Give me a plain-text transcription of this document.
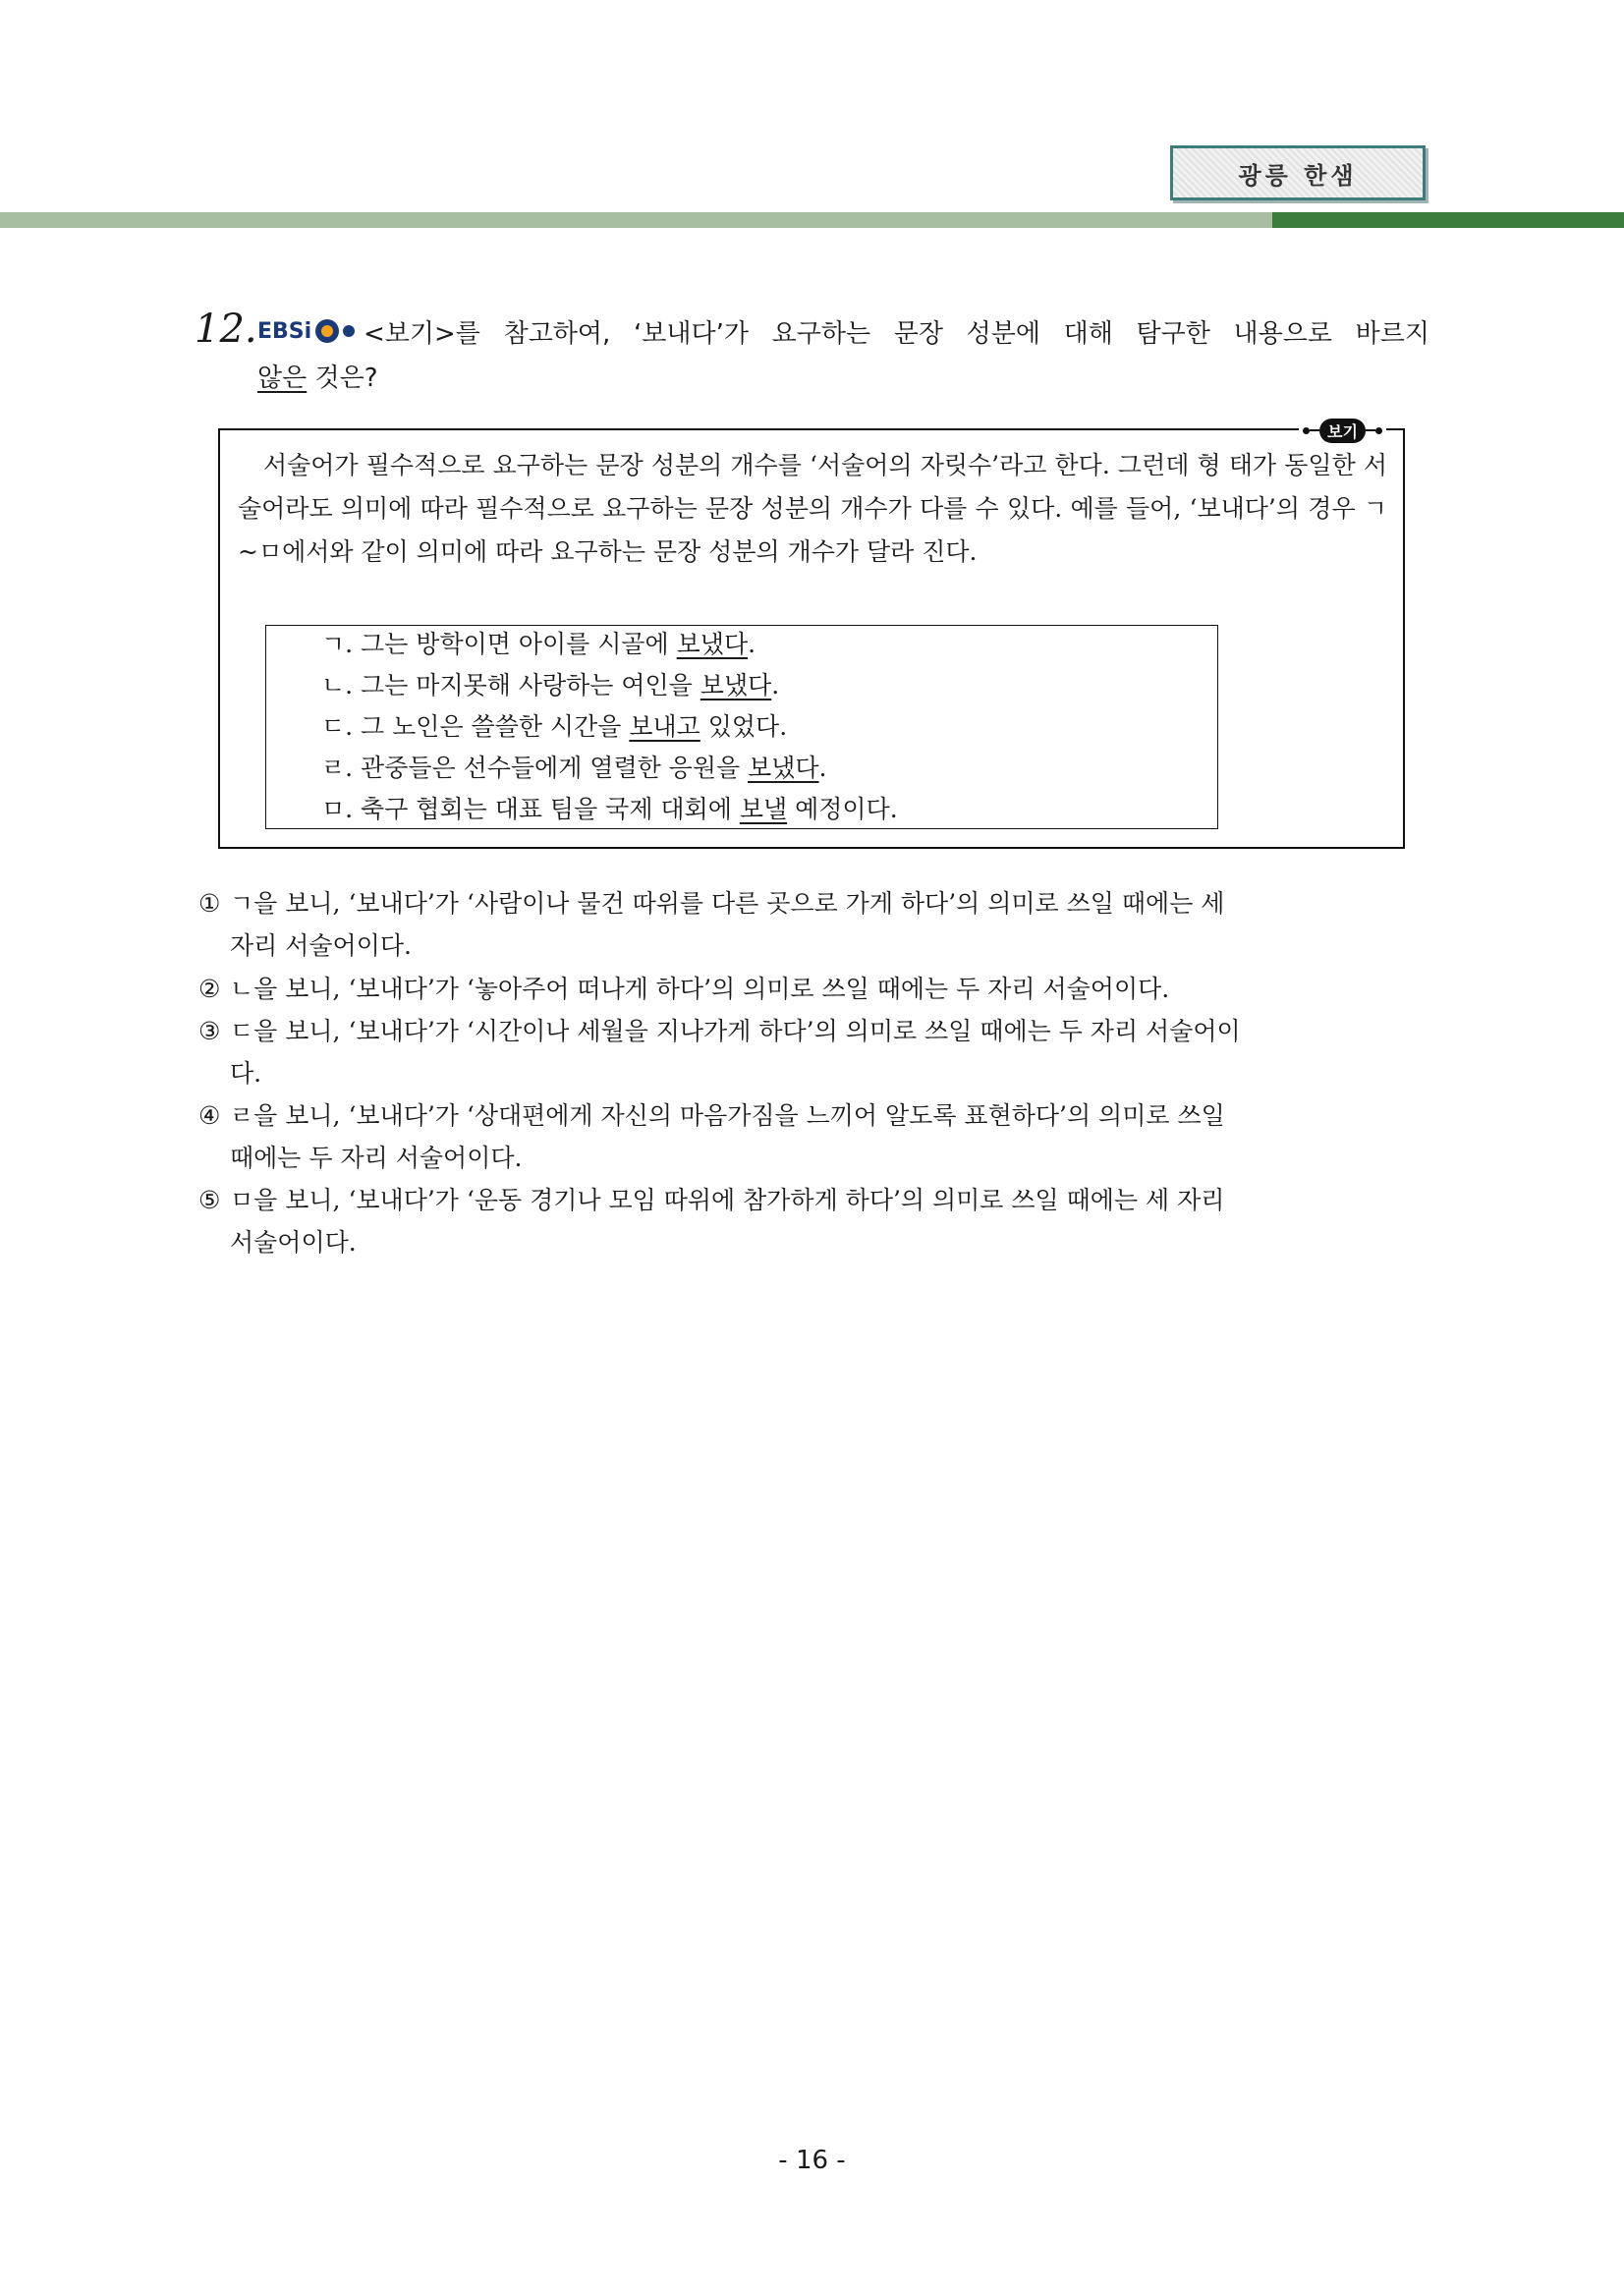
광릉 한샘
12. EBSi <보기>를 참고하여, ‘보내다’가 요구하는 문장 성분에 대해 탐구한 내용으로 바르지
않은 것은?
보기
서술어가 필수적으로 요구하는 문장 성분의 개수를 ‘서술어의 자릿수’라고 한다. 그런데 형 태가 동일한 서술어라도 의미에 따라 필수적으로 요구하는 문장 성분의 개수가 다를 수 있다. 예를 들어, ‘보내다’의 경우 ㄱ~ㅁ에서와 같이 의미에 따라 요구하는 문장 성분의 개수가 달라 진다.
ㄱ. 그는 방학이면 아이를 시골에 보냈다.
ㄴ. 그는 마지못해 사랑하는 여인을 보냈다.
ㄷ. 그 노인은 쓸쓸한 시간을 보내고 있었다.
ㄹ. 관중들은 선수들에게 열렬한 응원을 보냈다.
ㅁ. 축구 협회는 대표 팀을 국제 대회에 보낼 예정이다.
① ㄱ을 보니, ‘보내다’가 ‘사람이나 물건 따위를 다른 곳으로 가게 하다’의 의미로 쓰일 때에는 세
자리 서술어이다.
② ㄴ을 보니, ‘보내다’가 ‘놓아주어 떠나게 하다’의 의미로 쓰일 때에는 두 자리 서술어이다.
③ ㄷ을 보니, ‘보내다’가 ‘시간이나 세월을 지나가게 하다’의 의미로 쓰일 때에는 두 자리 서술어이
다.
④ ㄹ을 보니, ‘보내다’가 ‘상대편에게 자신의 마음가짐을 느끼어 알도록 표현하다’의 의미로 쓰일
때에는 두 자리 서술어이다.
⑤ ㅁ을 보니, ‘보내다’가 ‘운동 경기나 모임 따위에 참가하게 하다’의 의미로 쓰일 때에는 세 자리
서술어이다.
- 16 -
